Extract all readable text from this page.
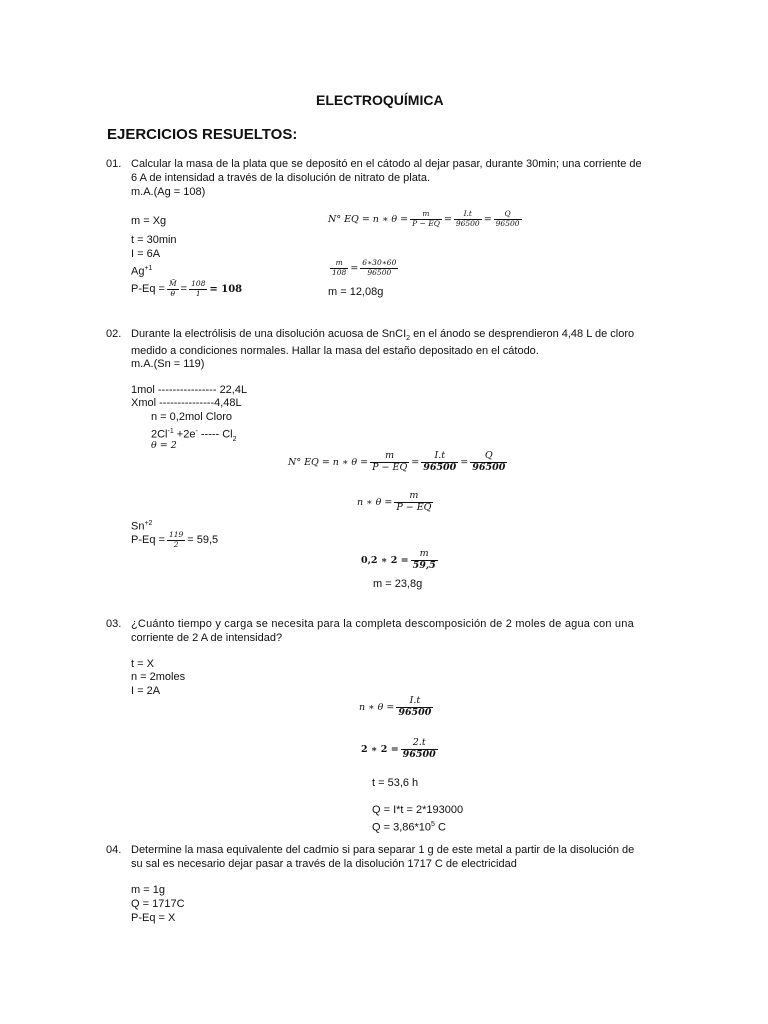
ELECTROQUÍMICA
EJERCICIOS RESUELTOS:
01. Calcular la masa de la plata que se depositó en el cátodo al dejar pasar, durante 30min; una corriente de
6 A de intensidad a través de la disolución de nitrato de plata.
m.A.(Ag = 108)
m = Xg
t = 30min
I = 6A
$Ag^{+1}$
$P-Eq = \frac{M̄}{\theta} = \frac{108}{1} = 108$
N° EQ = n ∗ $\theta = \frac{m}{P - EQ} = \frac{I.t}{96500} = \frac{Q}{96500}$
$\frac{m}{108} = \frac{6∗30∗60}{96500}$
m = 12,08g
02. Durante la electrólisis de una disolución acuosa de SnCI$_2$ en el ánodo se desprendieron 4,48 L de cloro
medido a condiciones normales. Hallar la masa del estaño depositado en el cátodo.
m.A.(Sn = 119)
1mol ---------------- 22,4L
Xmol ---------------4,48L
n = 0,2mol Cloro
$2Cl^{-1} +2e^-$ ----- $Cl_2$
θ = 2
N° EQ = n ∗ $\theta = \frac{m}{P - EQ} = \frac{I.t}{96500} = \frac{Q}{96500}$
n ∗ $\theta = \frac{m}{P - EQ}$
$Sn^{+2}$
$P-Eq = \frac{119}{2} = 59,5$
0,2 ∗ $2 = \frac{m}{59,5}$
m = 23,8g
03. ¿Cuánto tiempo y carga se necesita para la completa descomposición de 2 moles de agua con una
corriente de 2 A de intensidad?
t = X
n = 2moles
I = 2A
n ∗ $\theta = \frac{I.t}{96500}$
2 ∗ $2 = \frac{2.t}{96500}$
t = 53,6 h
Q = I*t = 2*193000
$Q = 3,86*10^5$ C
04. Determine la masa equivalente del cadmio si para separar 1 g de este metal a partir de la disolución de
su sal es necesario dejar pasar a través de la disolución 1717 C de electricidad
m = 1g
Q = 1717C
P-Eq = X
